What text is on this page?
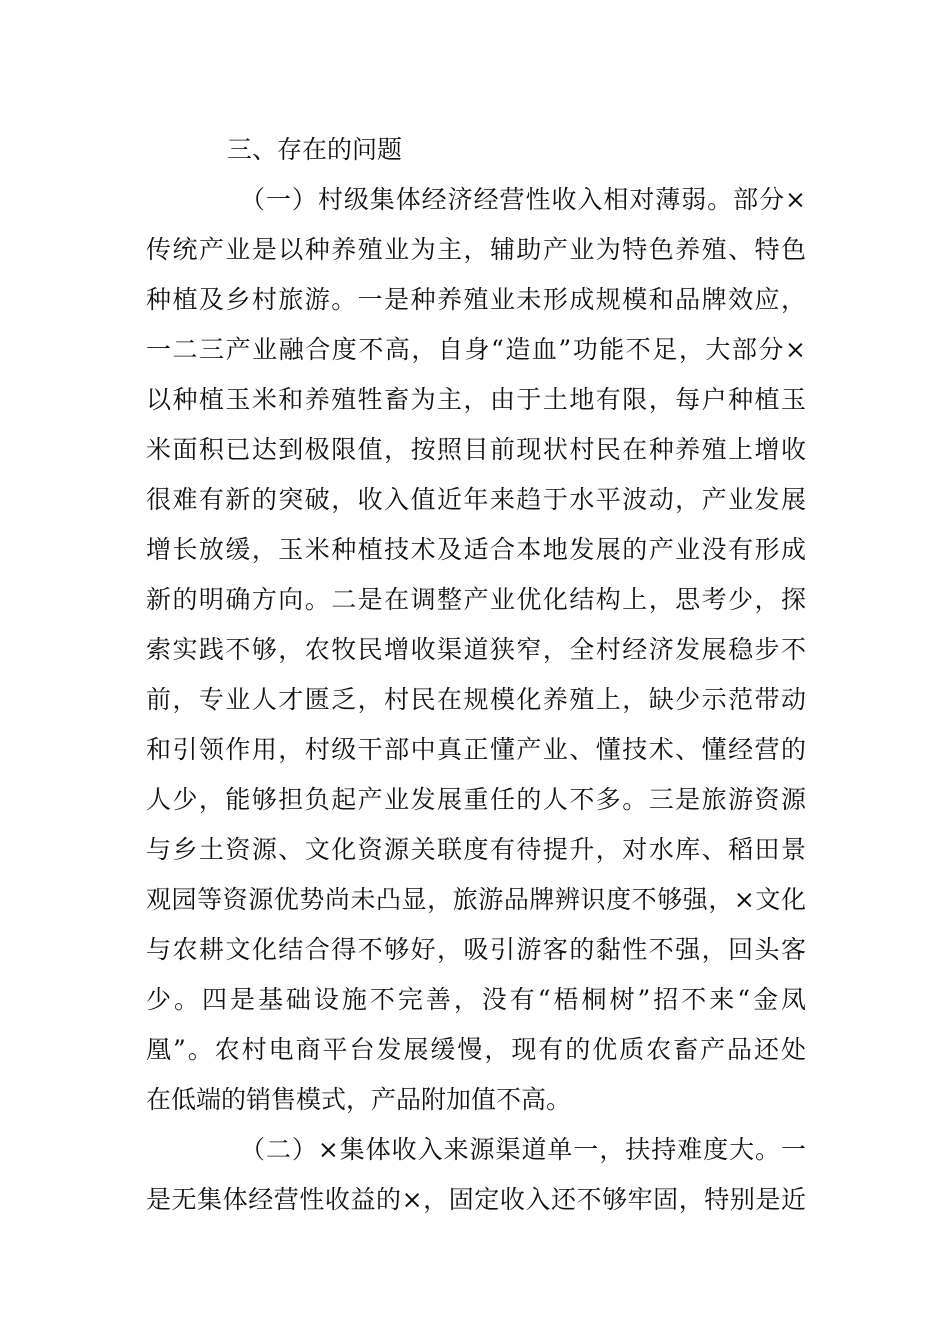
三、存在的问题
（一）村级集体经济经营性收入相对薄弱。部分×
传统产业是以种养殖业为主，辅助产业为特色养殖、特色
种植及乡村旅游。一是种养殖业未形成规模和品牌效应，
一二三产业融合度不高，自身“造血”功能不足，大部分×
以种植玉米和养殖牲畜为主，由于土地有限，每户种植玉
米面积已达到极限值，按照目前现状村民在种养殖上增收
很难有新的突破，收入值近年来趋于水平波动，产业发展
增长放缓，玉米种植技术及适合本地发展的产业没有形成
新的明确方向。二是在调整产业优化结构上，思考少，探
索实践不够，农牧民增收渠道狭窄，全村经济发展稳步不
前，专业人才匮乏，村民在规模化养殖上，缺少示范带动
和引领作用，村级干部中真正懂产业、懂技术、懂经营的
人少，能够担负起产业发展重任的人不多。三是旅游资源
与乡土资源、文化资源关联度有待提升，对水库、稻田景
观园等资源优势尚未凸显，旅游品牌辨识度不够强，×文化
与农耕文化结合得不够好，吸引游客的黏性不强，回头客
少。四是基础设施不完善，没有“梧桐树”招不来“金凤
凰”。农村电商平台发展缓慢，现有的优质农畜产品还处
在低端的销售模式，产品附加值不高。
（二）×集体收入来源渠道单一，扶持难度大。一
是无集体经营性收益的×，固定收入还不够牢固，特别是近
